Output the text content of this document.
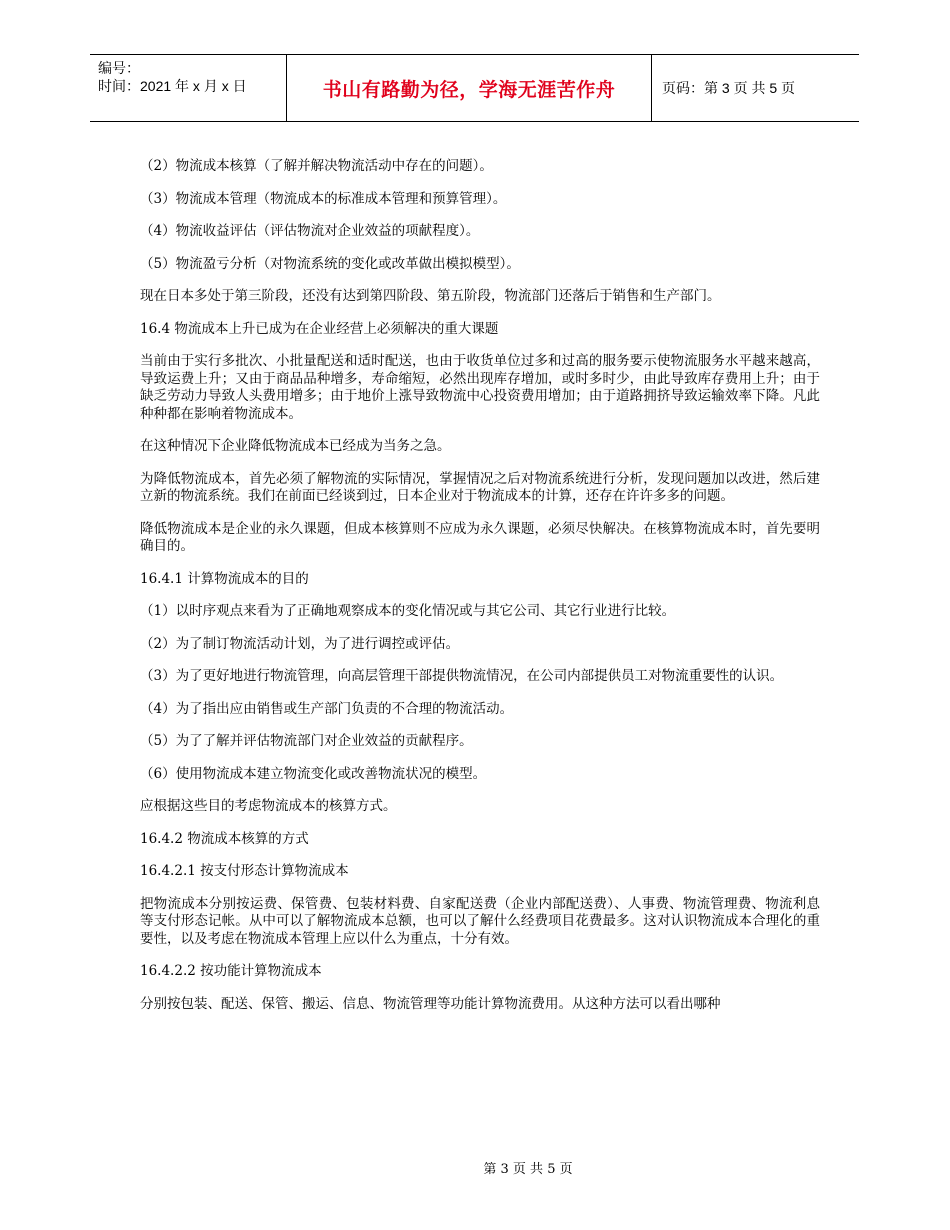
编号：
时间：2021 年 x 月 x 日	书山有路勤为径，学海无涯苦作舟	页码：第 3 页 共 5 页

（2）物流成本核算（了解并解决物流活动中存在的问题）。

（3）物流成本管理（物流成本的标准成本管理和预算管理）。

（4）物流收益评估（评估物流对企业效益的项献程度）。

（5）物流盈亏分析（对物流系统的变化或改革做出模拟模型）。

现在日本多处于第三阶段，还没有达到第四阶段、第五阶段，物流部门还落后于销售和生产部门。

16.4 物流成本上升已成为在企业经营上必须解决的重大课题

当前由于实行多批次、小批量配送和适时配送，也由于收货单位过多和过高的服务要示使物流服务水平越来越高，导致运费上升；又由于商品品种增多，寿命缩短，必然出现库存增加，或时多时少，由此导致库存费用上升；由于缺乏劳动力导致人头费用增多；由于地价上涨导致物流中心投资费用增加；由于道路拥挤导致运输效率下降。凡此种种都在影响着物流成本。

在这种情况下企业降低物流成本已经成为当务之急。

为降低物流成本，首先必须了解物流的实际情况，掌握情况之后对物流系统进行分析，发现问题加以改进，然后建立新的物流系统。我们在前面已经谈到过，日本企业对于物流成本的计算，还存在许许多多的问题。

降低物流成本是企业的永久课题，但成本核算则不应成为永久课题，必须尽快解决。在核算物流成本时，首先要明确目的。

16.4.1 计算物流成本的目的

（1）以时序观点来看为了正确地观察成本的变化情况或与其它公司、其它行业进行比较。

（2）为了制订物流活动计划，为了进行调控或评估。

（3）为了更好地进行物流管理，向高层管理干部提供物流情况，在公司内部提供员工对物流重要性的认识。

（4）为了指出应由销售或生产部门负责的不合理的物流活动。

（5）为了了解并评估物流部门对企业效益的贡献程序。

（6）使用物流成本建立物流变化或改善物流状况的模型。

应根据这些目的考虑物流成本的核算方式。

16.4.2 物流成本核算的方式

16.4.2.1 按支付形态计算物流成本

把物流成本分别按运费、保管费、包装材料费、自家配送费（企业内部配送费）、人事费、物流管理费、物流利息等支付形态记帐。从中可以了解物流成本总额，也可以了解什么经费项目花费最多。这对认识物流成本合理化的重要性，以及考虑在物流成本管理上应以什么为重点，十分有效。

16.4.2.2 按功能计算物流成本

分别按包装、配送、保管、搬运、信息、物流管理等功能计算物流费用。从这种方法可以看出哪种

第 3 页 共 5 页
